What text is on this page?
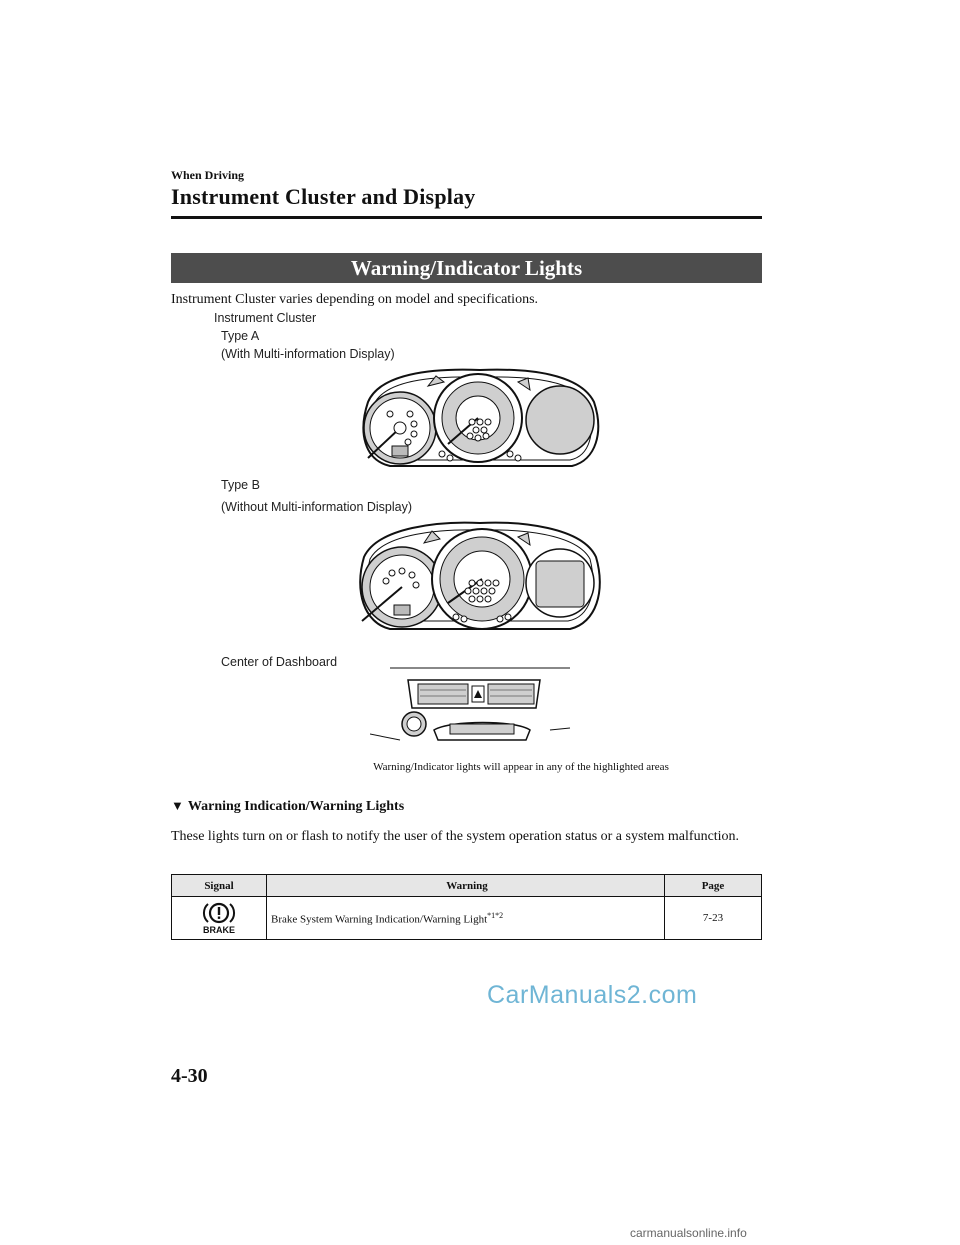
When Driving
Instrument Cluster and Display
Warning/Indicator Lights
Instrument Cluster varies depending on model and specifications.
Instrument Cluster
Type A
(With Multi-information Display)
Type B
(Without Multi-information Display)
Center of Dashboard
Warning/Indicator lights will appear in any of the highlighted areas
▼ Warning Indication/Warning Lights
These lights turn on or flash to notify the user of the system operation status or a system malfunction.
Signal	Warning	Page

BRAKE	Brake System Warning Indication/Warning Light$^{*1*2}$	7-23
CarManuals2.com
4-30
carmanualsonline.info
